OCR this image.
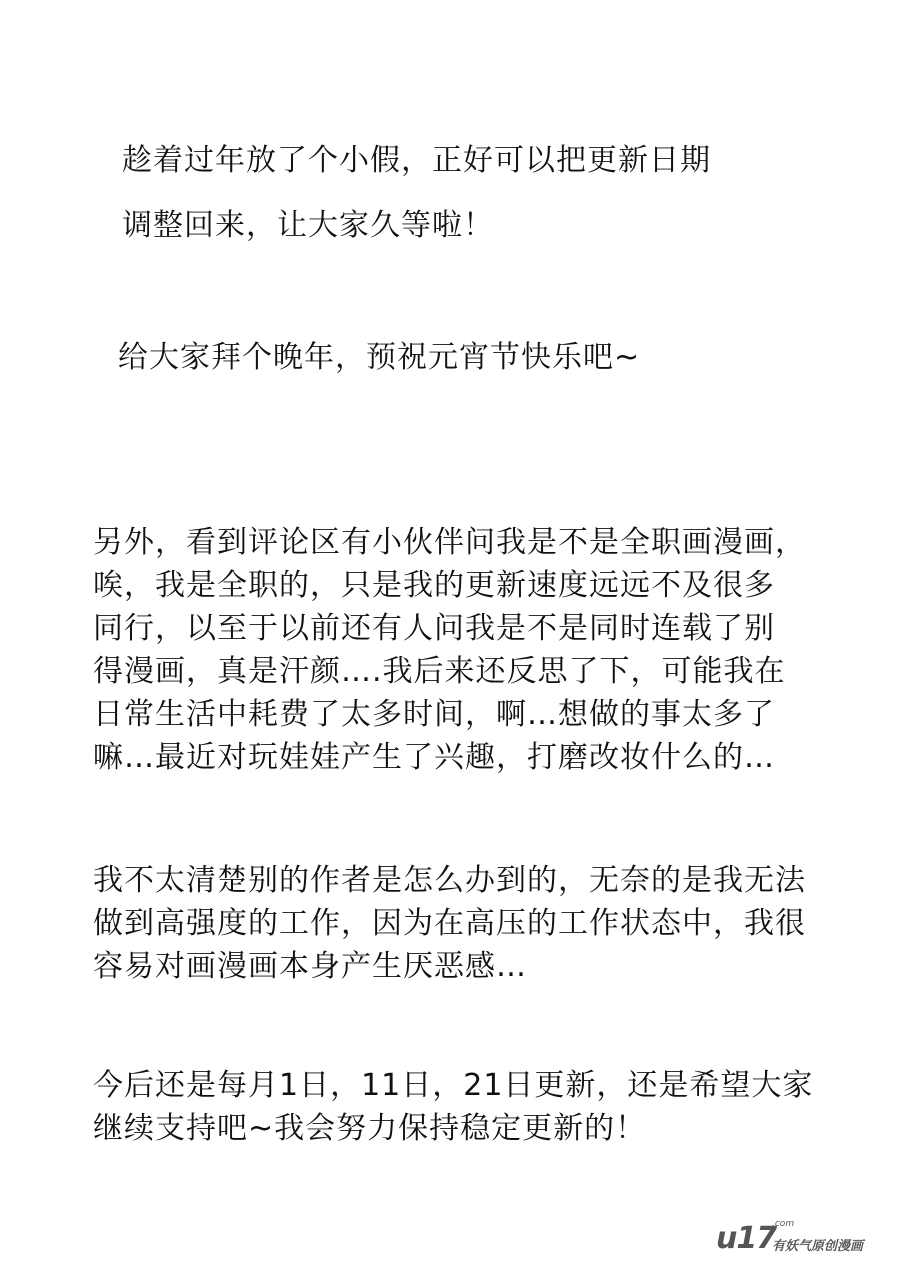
趁着过年放了个小假，正好可以把更新日期
调整回来，让大家久等啦！
给大家拜个晚年，预祝元宵节快乐吧~
另外，看到评论区有小伙伴问我是不是全职画漫画，
唉，我是全职的，只是我的更新速度远远不及很多
同行，以至于以前还有人问我是不是同时连载了别
得漫画，真是汗颜….我后来还反思了下，可能我在
日常生活中耗费了太多时间，啊…想做的事太多了
嘛…最近对玩娃娃产生了兴趣，打磨改妆什么的…
我不太清楚别的作者是怎么办到的，无奈的是我无法
做到高强度的工作，因为在高压的工作状态中，我很
容易对画漫画本身产生厌恶感…
今后还是每月1日，11日，21日更新，还是希望大家
继续支持吧~我会努力保持稳定更新的！
u17
.com
有妖气原创漫画
